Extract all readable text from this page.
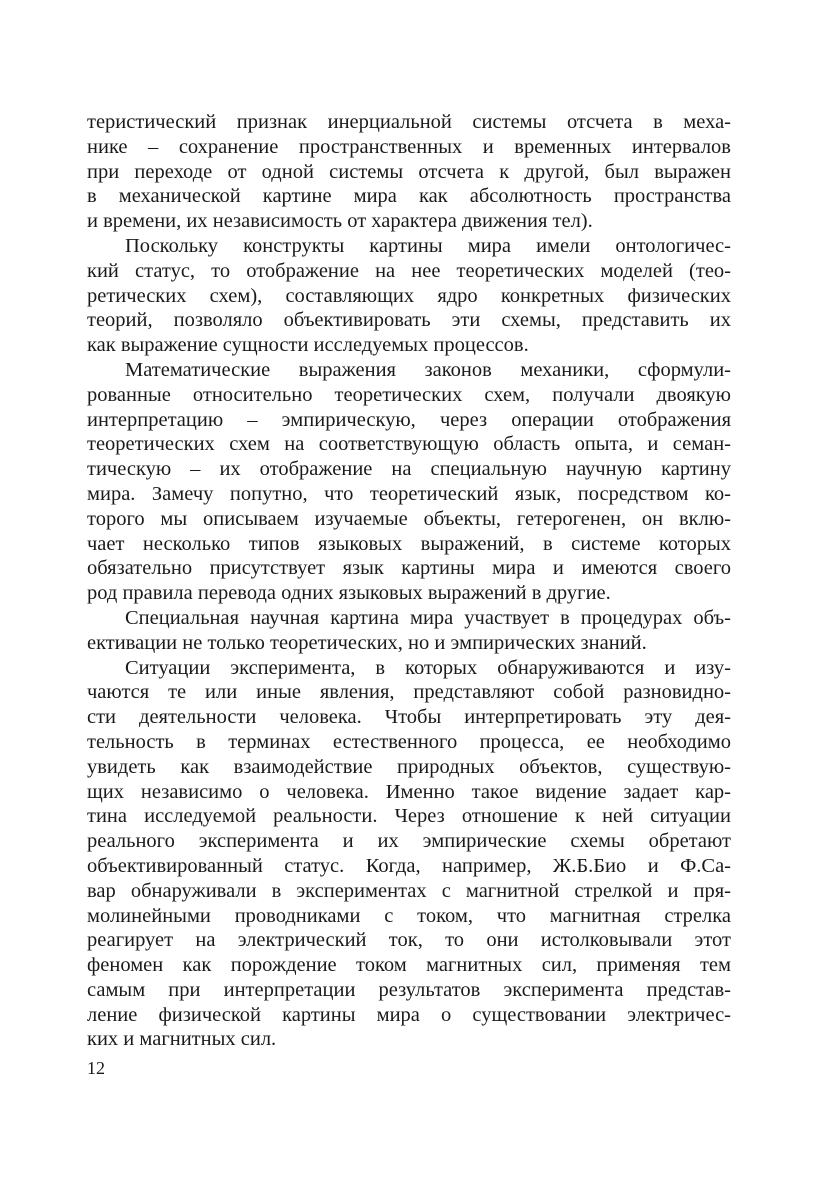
теристический признак инерциальной системы отсчета в меха-
нике – сохранение пространственных и временных интервалов
при переходе от одной системы отсчета к другой, был выражен
в механической картине мира как абсолютность пространства
и времени, их независимость от характера движения тел).
Поскольку конструкты картины мира имели онтологичес-
кий статус, то отображение на нее теоретических моделей (тео-
ретических схем), составляющих ядро конкретных физических
теорий, позволяло объективировать эти схемы, представить их
как выражение сущности исследуемых процессов.
Математические выражения законов механики, сформули-
рованные относительно теоретических схем, получали двоякую
интерпретацию – эмпирическую, через операции отображения
теоретических схем на соответствующую область опыта, и семан-
тическую – их отображение на специальную научную картину
мира. Замечу попутно, что теоретический язык, посредством ко-
торого мы описываем изучаемые объекты, гетерогенен, он вклю-
чает несколько типов языковых выражений, в системе которых
обязательно присутствует язык картины мира и имеются своего
род правила перевода одних языковых выражений в другие.
Специальная научная картина мира участвует в процедурах объ-
ективации не только теоретических, но и эмпирических знаний.
Ситуации эксперимента, в которых обнаруживаются и изу-
чаются те или иные явления, представляют собой разновидно-
сти деятельности человека. Чтобы интерпретировать эту дея-
тельность в терминах естественного процесса, ее необходимо
увидеть как взаимодействие природных объектов, существую-
щих независимо о человека. Именно такое видение задает кар-
тина исследуемой реальности. Через отношение к ней ситуации
реального эксперимента и их эмпирические схемы обретают
объективированный статус. Когда, например, Ж.Б.Био и Ф.Са-
вар обнаруживали в экспериментах с магнитной стрелкой и пря-
молинейными проводниками с током, что магнитная стрелка
реагирует на электрический ток, то они истолковывали этот
феномен как порождение током магнитных сил, применяя тем
самым при интерпретации результатов эксперимента представ-
ление физической картины мира о существовании электричес-
ких и магнитных сил.
12
